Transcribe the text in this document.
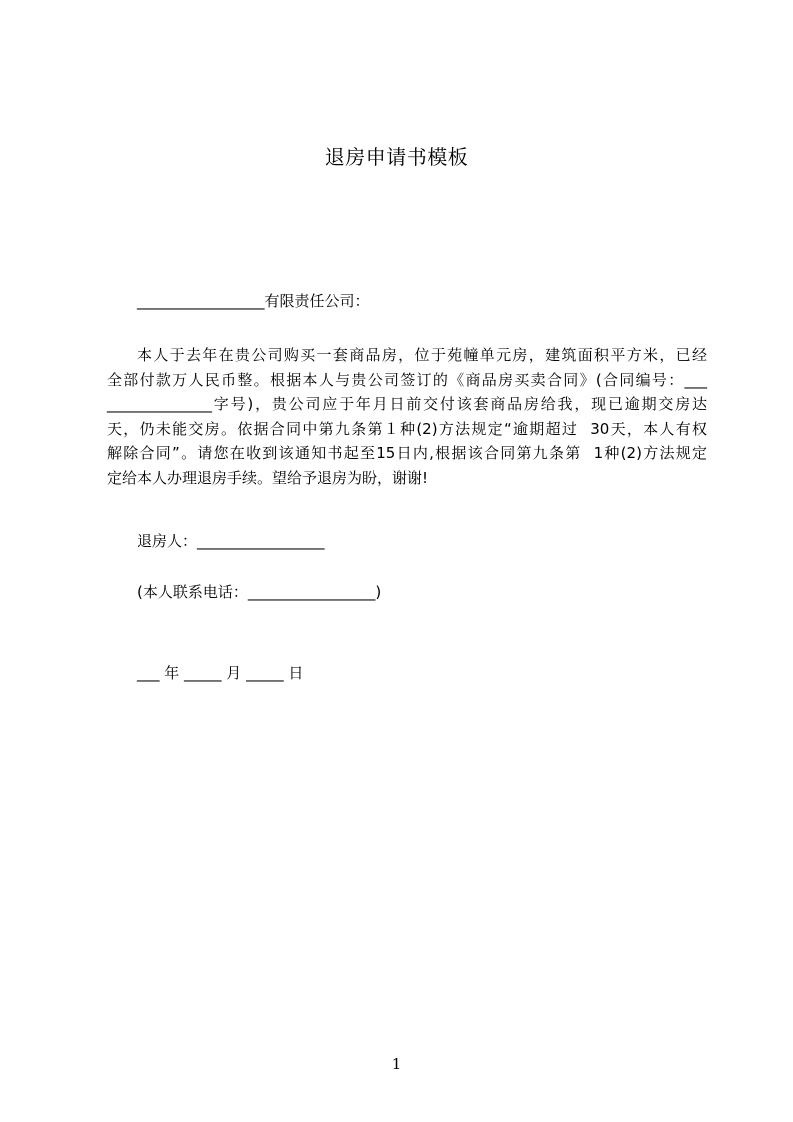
退房申请书模板
_________________有限责任公司：
本人于去年在贵公司购买一套商品房，位于苑幢单元房，建筑面积平方米，已经
全部付款万人民币整。根据本人与贵公司签订的《商品房买卖合同》(合同编号：___
______________字号)，贵公司应于年月日前交付该套商品房给我，现已逾期交房达
天，仍未能交房。依据合同中第九条第１种(2)方法规定“逾期超过  30天，本人有权
解除合同”。请您在收到该通知书起至15日内,根据该合同第九条第  1种(2)方法规定
定给本人办理退房手续。望给予退房为盼，谢谢!
退房人：_________________
(本人联系电话：_________________)
___ 年 _____ 月 _____ 日
1
